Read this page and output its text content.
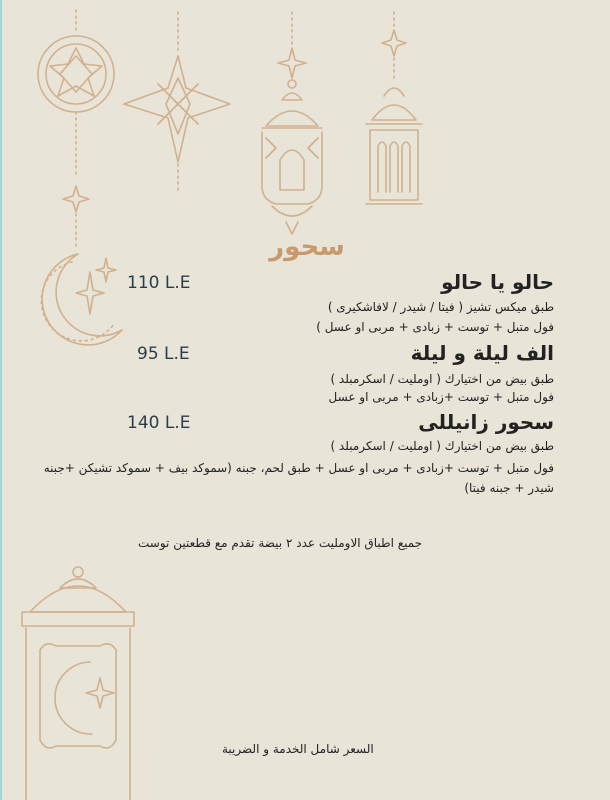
سحور
حالو يا حالو
110 L.E
طبق ميكس تشيز ( فيتا / شيدر / لافاشكيرى )
فول متبل + توست + زبادى + مربى او عسل )
الف ليلة و ليلة
95 L.E
طبق بيض من اختيارك ( اومليت / اسكرمبلد )
فول متبل + توست +زبادى + مربى او عسل
سحور زانيللى
140 L.E
طبق بيض من اختيارك ( اومليت / اسكرمبلد )
فول متبل + توست +زبادى + مربى او عسل + طبق لحم، جبنه (سموكد بيف + سموكد تشيكن +جبنه شيدر + جبنه فيتا)
جميع اطباق الاومليت عدد ٢ بيضة تقدم مع قطعتين توست
السعر شامل الخدمة و الضريبة
